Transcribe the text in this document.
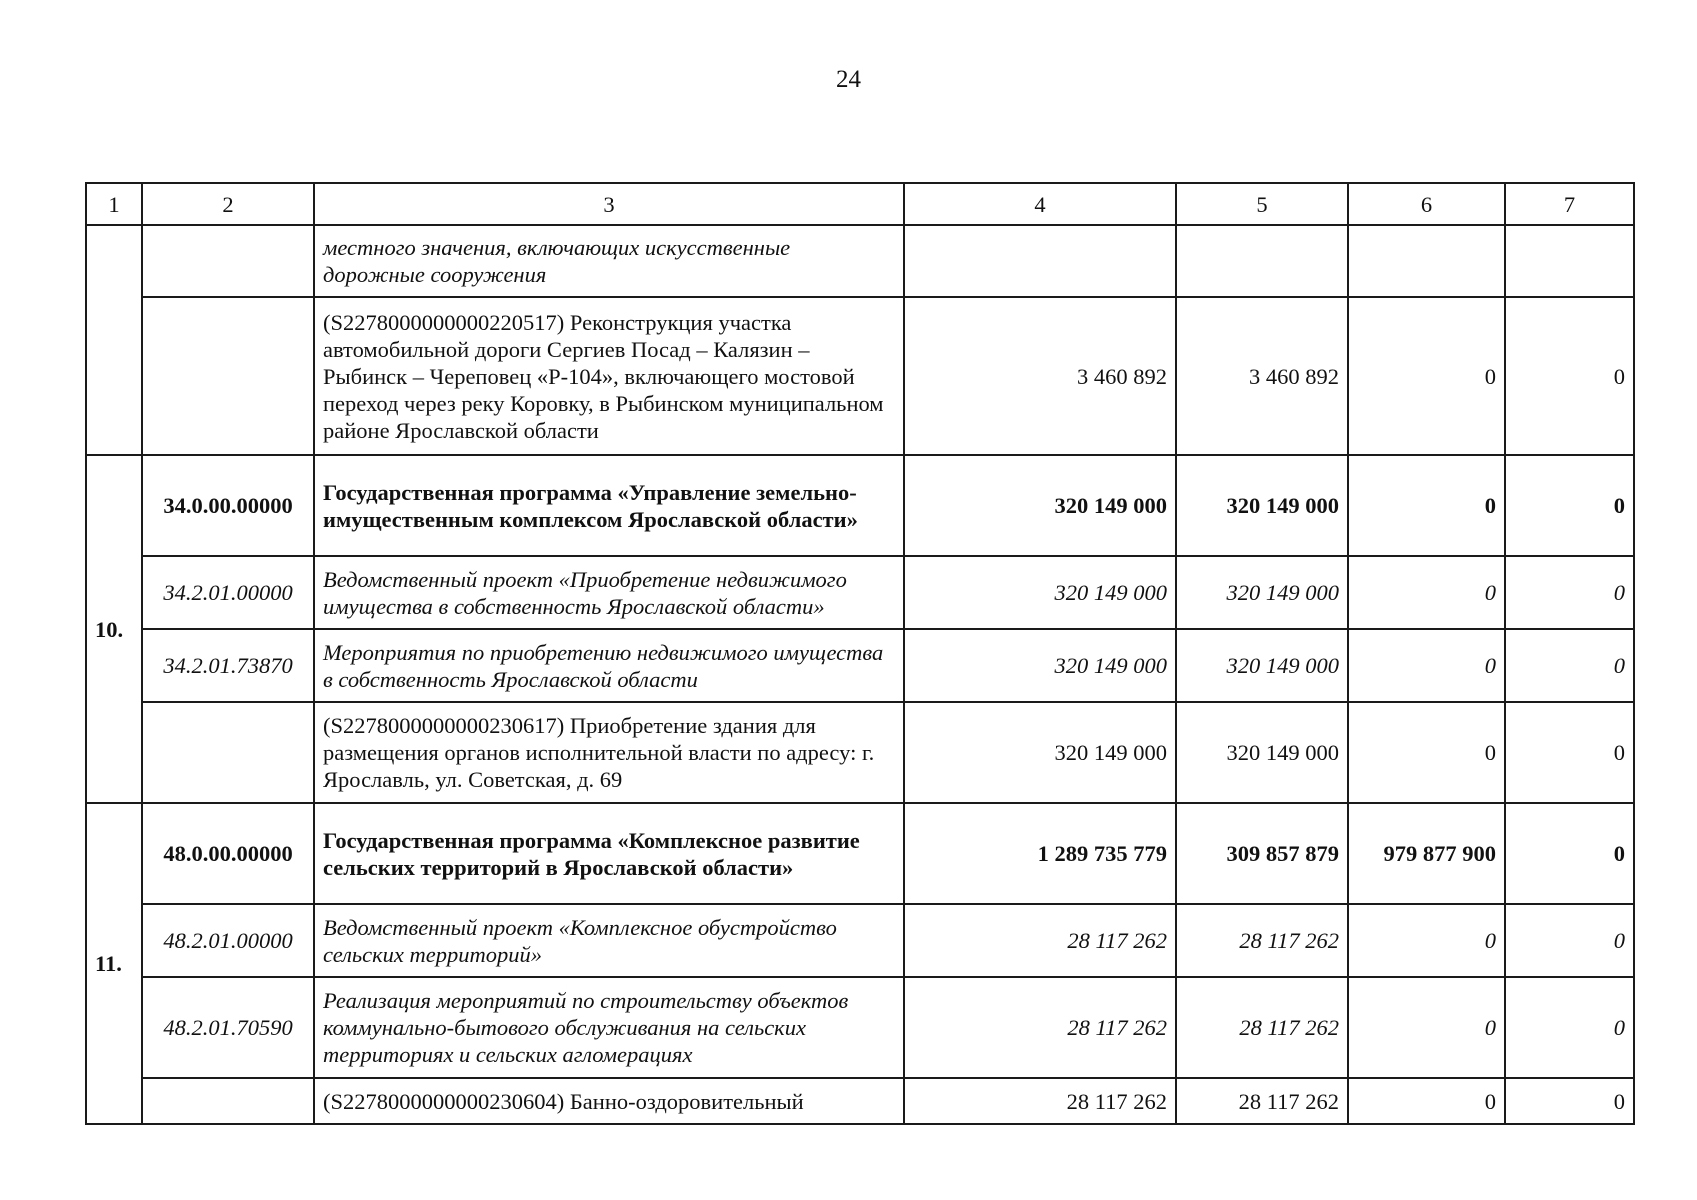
24
1	2	3	4	5	6	7
		местного значения, включающих искусственные дорожные сооружения				
		(S2278000000000220517) Реконструкция участка автомобильной дороги Сергиев Посад – Калязин – Рыбинск – Череповец «Р-104», включающего мостовой переход через реку Коровку, в Рыбинском муниципальном районе Ярославской области	3 460 892	3 460 892	0	0
10.	34.0.00.00000	Государственная программа «Управление земельно-имущественным комплексом Ярославской области»	320 149 000	320 149 000	0	0
	34.2.01.00000	Ведомственный проект «Приобретение недвижимого имущества в собственность Ярославской области»	320 149 000	320 149 000	0	0
	34.2.01.73870	Мероприятия по приобретению недвижимого имущества в собственность Ярославской области	320 149 000	320 149 000	0	0
		(S2278000000000230617) Приобретение здания для размещения органов исполнительной власти по адресу: г. Ярославль, ул. Советская, д. 69	320 149 000	320 149 000	0	0
11.	48.0.00.00000	Государственная программа «Комплексное развитие сельских территорий в Ярославской области»	1 289 735 779	309 857 879	979 877 900	0
	48.2.01.00000	Ведомственный проект «Комплексное обустройство сельских территорий»	28 117 262	28 117 262	0	0
	48.2.01.70590	Реализация мероприятий по строительству объектов коммунально-бытового обслуживания на сельских территориях и сельских агломерациях	28 117 262	28 117 262	0	0
		(S2278000000000230604) Банно-оздоровительный	28 117 262	28 117 262	0	0
